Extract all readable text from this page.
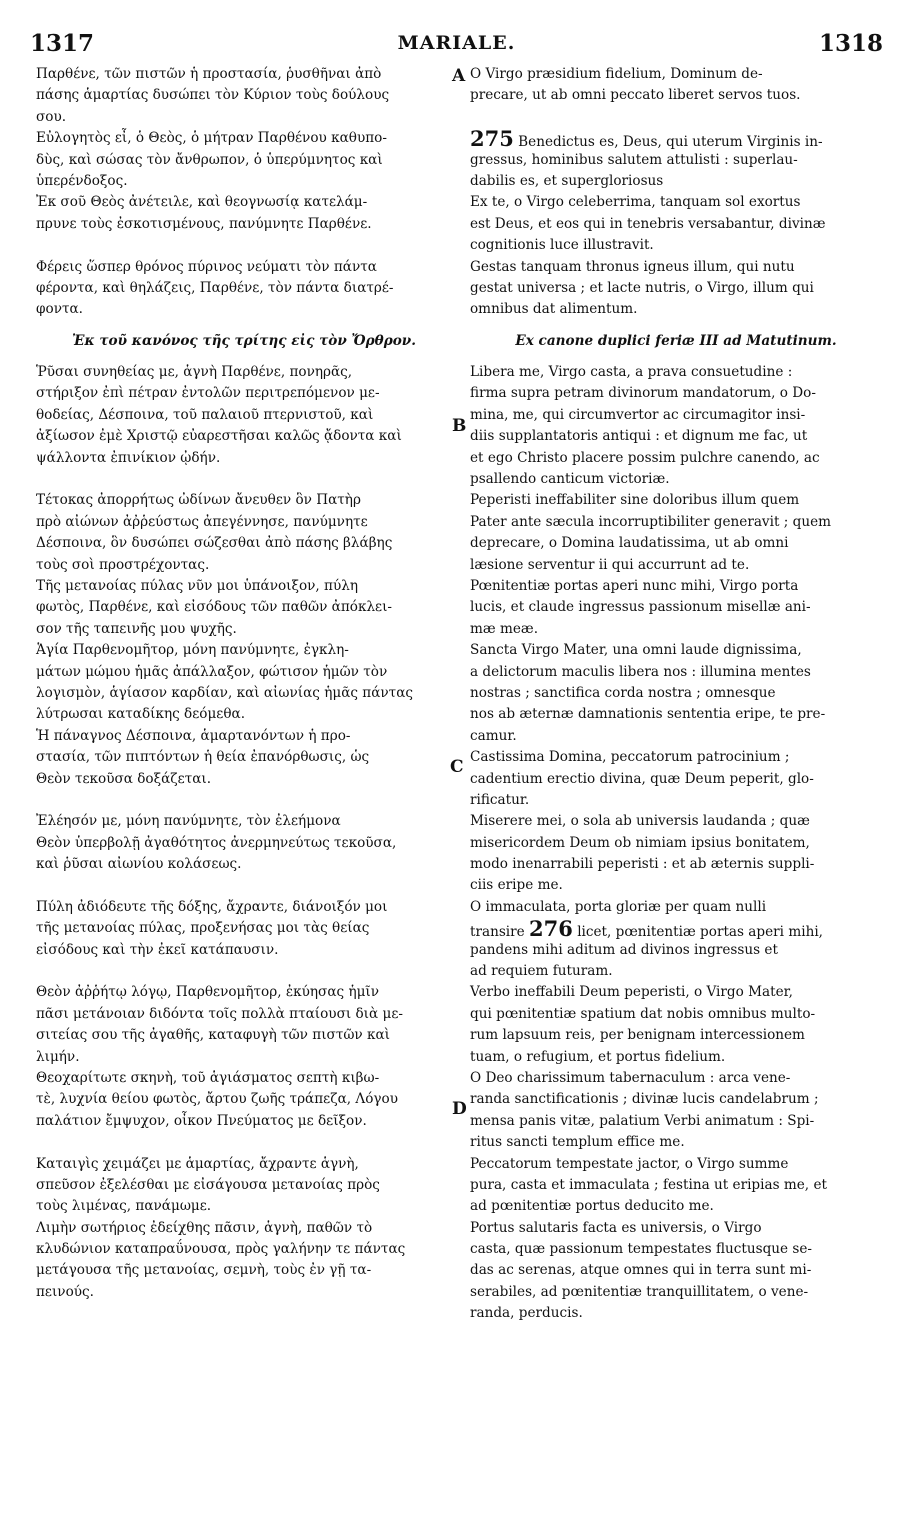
1317	MARIALE.	1318
A
B
C
D
Παρθένε, τῶν πιστῶν ἡ προστασία, ῥυσθῆναι ἀπὸ
πάσης ἁμαρτίας δυσώπει τὸν Κύριον τοὺς δούλους
σου.
Εὐλογητὸς εἶ, ὁ Θεὸς, ὁ μήτραν Παρθένου καθυπο-
δὺς, καὶ σώσας τὸν ἄνθρωπον, ὁ ὑπερύμνητος καὶ
ὑπερένδοξος.
Ἐκ σοῦ Θεὸς ἀνέτειλε, καὶ θεογνωσίᾳ κατελάμ-
πρυνε τοὺς ἐσκοτισμένους, πανύμνητε Παρθένε.
Φέρεις ὥσπερ θρόνος πύρινος νεύματι τὸν πάντα
φέροντα, καὶ θηλάζεις, Παρθένε, τὸν πάντα διατρέ-
φοντα.
Ἐκ τοῦ κανόνος τῆς τρίτης εἰς τὸν Ὄρθρον.
Ῥῦσαι συνηθείας με, ἁγνὴ Παρθένε, πονηρᾶς,
στήριξον ἐπὶ πέτραν ἐντολῶν περιτρεπόμενον με-
θοδείας, Δέσποινα, τοῦ παλαιοῦ πτερνιστοῦ, καὶ
ἀξίωσον ἐμὲ Χριστῷ εὐαρεστῆσαι καλῶς ᾄδοντα καὶ
ψάλλοντα ἐπινίκιον ᾠδήν.
Τέτοκας ἀπορρήτως ὠδίνων ἄνευθεν ὃν Πατὴρ
πρὸ αἰώνων ἀῤῥεύστως ἀπεγέννησε, πανύμνητε
Δέσποινα, ὃν δυσώπει σώζεσθαι ἀπὸ πάσης βλάβης
τοὺς σοὶ προστρέχοντας.
Τῆς μετανοίας πύλας νῦν μοι ὑπάνοιξον, πύλη
φωτὸς, Παρθένε, καὶ εἰσόδους τῶν παθῶν ἀπόκλει-
σον τῆς ταπεινῆς μου ψυχῆς.
Ἁγία Παρθενομῆτορ, μόνη πανύμνητε, ἐγκλη-
μάτων μώμου ἡμᾶς ἀπάλλαξον, φώτισον ἡμῶν τὸν
λογισμὸν, ἁγίασον καρδίαν, καὶ αἰωνίας ἡμᾶς πάντας
λύτρωσαι καταδίκης δεόμεθα.
Ἡ πάναγνος Δέσποινα, ἁμαρτανόντων ἡ προ-
στασία, τῶν πιπτόντων ἡ θεία ἐπανόρθωσις, ὡς
Θεὸν τεκοῦσα δοξάζεται.
Ἐλέησόν με, μόνη πανύμνητε, τὸν ἐλεήμονα
Θεὸν ὑπερβολῇ ἀγαθότητος ἀνερμηνεύτως τεκοῦσα,
καὶ ῥῦσαι αἰωνίου κολάσεως.
Πύλη ἀδιόδευτε τῆς δόξης, ἄχραντε, διάνοιξόν μοι
τῆς μετανοίας πύλας, προξενήσας μοι τὰς θείας
εἰσόδους καὶ τὴν ἐκεῖ κατάπαυσιν.
Θεὸν ἀῤῥήτῳ λόγῳ, Παρθενομῆτορ, ἐκύησας ἡμῖν
πᾶσι μετάνοιαν διδόντα τοῖς πολλὰ πταίουσι διὰ με-
σιτείας σου τῆς ἀγαθῆς, καταφυγὴ τῶν πιστῶν καὶ
λιμήν.
Θεοχαρίτωτε σκηνὴ, τοῦ ἁγιάσματος σεπτὴ κιβω-
τὲ, λυχνία θείου φωτὸς, ἄρτου ζωῆς τράπεζα, Λόγου
παλάτιον ἔμψυχον, οἶκον Πνεύματος με δεῖξον.
Καταιγὶς χειμάζει με ἁμαρτίας, ἄχραντε ἁγνὴ,
σπεῦσον ἐξελέσθαι με εἰσάγουσα μετανοίας πρὸς
τοὺς λιμένας, πανάμωμε.
Λιμὴν σωτήριος ἐδείχθης πᾶσιν, ἁγνὴ, παθῶν τὸ
κλυδώνιον καταπραΰνουσα, πρὸς γαλήνην τε πάντας
μετάγουσα τῆς μετανοίας, σεμνὴ, τοὺς ἐν γῇ τα-
πεινούς.
O Virgo præsidium fidelium, Dominum de-
precare, ut ab omni peccato liberet servos tuos.
275 Benedictus es, Deus, qui uterum Virginis in-
gressus, hominibus salutem attulisti : superlau-
dabilis es, et supergloriosus
Ex te, o Virgo celeberrima, tanquam sol exortus
est Deus, et eos qui in tenebris versabantur, divinæ
cognitionis luce illustravit.
Gestas tanquam thronus igneus illum, qui nutu
gestat universa ; et lacte nutris, o Virgo, illum qui
omnibus dat alimentum.
Ex canone duplici feriæ III ad Matutinum.
Libera me, Virgo casta, a prava consuetudine :
firma supra petram divinorum mandatorum, o Do-
mina, me, qui circumvertor ac circumagitor insi-
diis supplantatoris antiqui : et dignum me fac, ut
et ego Christo placere possim pulchre canendo, ac
psallendo canticum victoriæ.
Peperisti ineffabiliter sine doloribus illum quem
Pater ante sæcula incorruptibiliter generavit ; quem
deprecare, o Domina laudatissima, ut ab omni
læsione serventur ii qui accurrunt ad te.
Pœnitentiæ portas aperi nunc mihi, Virgo porta
lucis, et claude ingressus passionum misellæ ani-
mæ meæ.
Sancta Virgo Mater, una omni laude dignissima,
a delictorum maculis libera nos : illumina mentes
nostras ; sanctifica corda nostra ; omnesque
nos ab æternæ damnationis sententia eripe, te pre-
camur.
Castissima Domina, peccatorum patrocinium ;
cadentium erectio divina, quæ Deum peperit, glo-
rificatur.
Miserere mei, o sola ab universis laudanda ; quæ
misericordem Deum ob nimiam ipsius bonitatem,
modo inenarrabili peperisti : et ab æternis suppli-
ciis eripe me.
O immaculata, porta gloriæ per quam nulli
transire 276 licet, pœnitentiæ portas aperi mihi,
pandens mihi aditum ad divinos ingressus et
ad requiem futuram.
Verbo ineffabili Deum peperisti, o Virgo Mater,
qui pœnitentiæ spatium dat nobis omnibus multo-
rum lapsuum reis, per benignam intercessionem
tuam, o refugium, et portus fidelium.
O Deo charissimum tabernaculum : arca vene-
randa sanctificationis ; divinæ lucis candelabrum ;
mensa panis vitæ, palatium Verbi animatum : Spi-
ritus sancti templum effice me.
Peccatorum tempestate jactor, o Virgo summe
pura, casta et immaculata ; festina ut eripias me, et
ad pœnitentiæ portus deducito me.
Portus salutaris facta es universis, o Virgo
casta, quæ passionum tempestates fluctusque se-
das ac serenas, atque omnes qui in terra sunt mi-
serabiles, ad pœnitentiæ tranquillitatem, o vene-
randa, perducis.
